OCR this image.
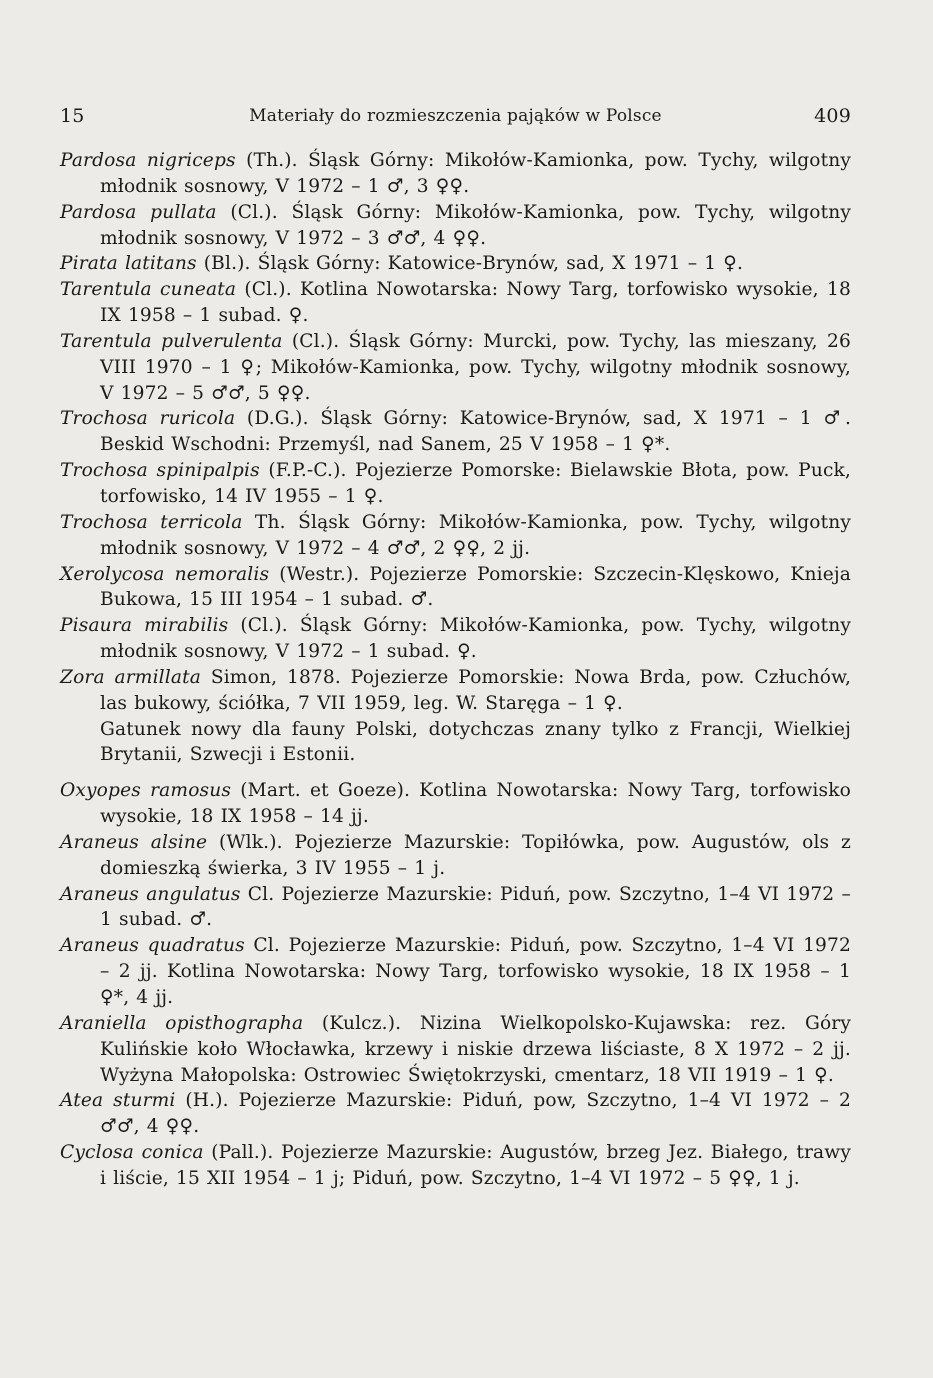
15	Materiały do rozmieszczenia pająków w Polsce	409
Pardosa nigriceps (Th.). Śląsk Górny: Mikołów-Kamionka, pow. Tychy, wilgotny młodnik sosnowy, V 1972 – 1 ♂, 3 ♀♀.
Pardosa pullata (Cl.). Śląsk Górny: Mikołów-Kamionka, pow. Tychy, wilgotny młodnik sosnowy, V 1972 – 3 ♂♂, 4 ♀♀.
Pirata latitans (Bl.). Śląsk Górny: Katowice-Brynów, sad, X 1971 – 1 ♀.
Tarentula cuneata (Cl.). Kotlina Nowotarska: Nowy Targ, torfowisko wysokie, 18 IX 1958 – 1 subad. ♀.
Tarentula pulverulenta (Cl.). Śląsk Górny: Murcki, pow. Tychy, las mieszany, 26 VIII 1970 – 1 ♀; Mikołów-Kamionka, pow. Tychy, wilgotny młodnik sosnowy, V 1972 – 5 ♂♂, 5 ♀♀.
Trochosa ruricola (D.G.). Śląsk Górny: Katowice-Brynów, sad, X 1971 – 1 ♂. Beskid Wschodni: Przemyśl, nad Sanem, 25 V 1958 – 1 ♀*.
Trochosa spinipalpis (F.P.-C.). Pojezierze Pomorske: Bielawskie Błota, pow. Puck, torfowisko, 14 IV 1955 – 1 ♀.
Trochosa terricola Th. Śląsk Górny: Mikołów-Kamionka, pow. Tychy, wilgotny młodnik sosnowy, V 1972 – 4 ♂♂, 2 ♀♀, 2 jj.
Xerolycosa nemoralis (Westr.). Pojezierze Pomorskie: Szczecin-Klęskowo, Knieja Bukowa, 15 III 1954 – 1 subad. ♂.
Pisaura mirabilis (Cl.). Śląsk Górny: Mikołów-Kamionka, pow. Tychy, wilgotny młodnik sosnowy, V 1972 – 1 subad. ♀.
Zora armillata Simon, 1878. Pojezierze Pomorskie: Nowa Brda, pow. Człuchów, las bukowy, ściółka, 7 VII 1959, leg. W. Staręga – 1 ♀.
Gatunek nowy dla fauny Polski, dotychczas znany tylko z Francji, Wielkiej Brytanii, Szwecji i Estonii.
Oxyopes ramosus (Mart. et Goeze). Kotlina Nowotarska: Nowy Targ, torfowisko wysokie, 18 IX 1958 – 14 jj.
Araneus alsine (Wlk.). Pojezierze Mazurskie: Topiłówka, pow. Augustów, ols z domieszką świerka, 3 IV 1955 – 1 j.
Araneus angulatus Cl. Pojezierze Mazurskie: Piduń, pow. Szczytno, 1–4 VI 1972 – 1 subad. ♂.
Araneus quadratus Cl. Pojezierze Mazurskie: Piduń, pow. Szczytno, 1–4 VI 1972 – 2 jj. Kotlina Nowotarska: Nowy Targ, torfowisko wysokie, 18 IX 1958 – 1 ♀*, 4 jj.
Araniella opisthographa (Kulcz.). Nizina Wielkopolsko-Kujawska: rez. Góry Kulińskie koło Włocławka, krzewy i niskie drzewa liściaste, 8 X 1972 – 2 jj. Wyżyna Małopolska: Ostrowiec Świętokrzyski, cmentarz, 18 VII 1919 – 1 ♀.
Atea sturmi (H.). Pojezierze Mazurskie: Piduń, pow, Szczytno, 1–4 VI 1972 – 2 ♂♂, 4 ♀♀.
Cyclosa conica (Pall.). Pojezierze Mazurskie: Augustów, brzeg Jez. Białego, trawy i liście, 15 XII 1954 – 1 j; Piduń, pow. Szczytno, 1–4 VI 1972 – 5 ♀♀, 1 j.
